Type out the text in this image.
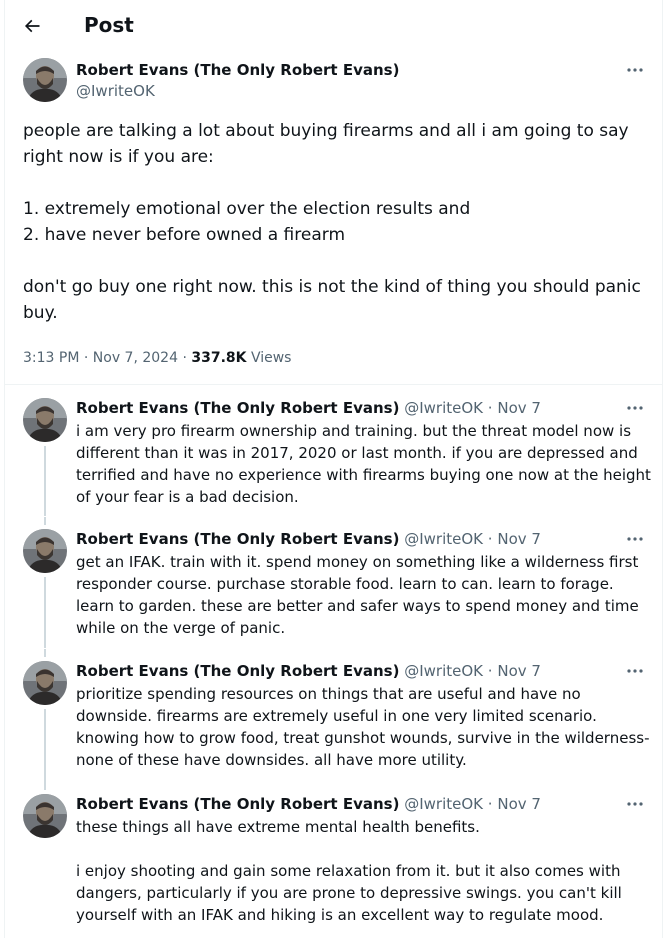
Post
Robert Evans (The Only Robert Evans)
@IwriteOK
people are talking a lot about buying firearms and all i am going to say right now is if you are:

1. extremely emotional over the election results and
2. have never before owned a firearm

don't go buy one right now. this is not the kind of thing you should panic buy.
3:13 PM · Nov 7, 2024 · 337.8K Views
Robert Evans (The Only Robert Evans) @IwriteOK · Nov 7
i am very pro firearm ownership and training. but the threat model now is different than it was in 2017, 2020 or last month. if you are depressed and terrified and have no experience with firearms buying one now at the height of your fear is a bad decision.
Robert Evans (The Only Robert Evans) @IwriteOK · Nov 7
get an IFAK. train with it. spend money on something like a wilderness first responder course. purchase storable food. learn to can. learn to forage. learn to garden. these are better and safer ways to spend money and time while on the verge of panic.
Robert Evans (The Only Robert Evans) @IwriteOK · Nov 7
prioritize spending resources on things that are useful and have no downside. firearms are extremely useful in one very limited scenario. knowing how to grow food, treat gunshot wounds, survive in the wilderness- none of these have downsides. all have more utility.
Robert Evans (The Only Robert Evans) @IwriteOK · Nov 7
these things all have extreme mental health benefits.

i enjoy shooting and gain some relaxation from it. but it also comes with dangers, particularly if you are prone to depressive swings. you can't kill yourself with an IFAK and hiking is an excellent way to regulate mood.
